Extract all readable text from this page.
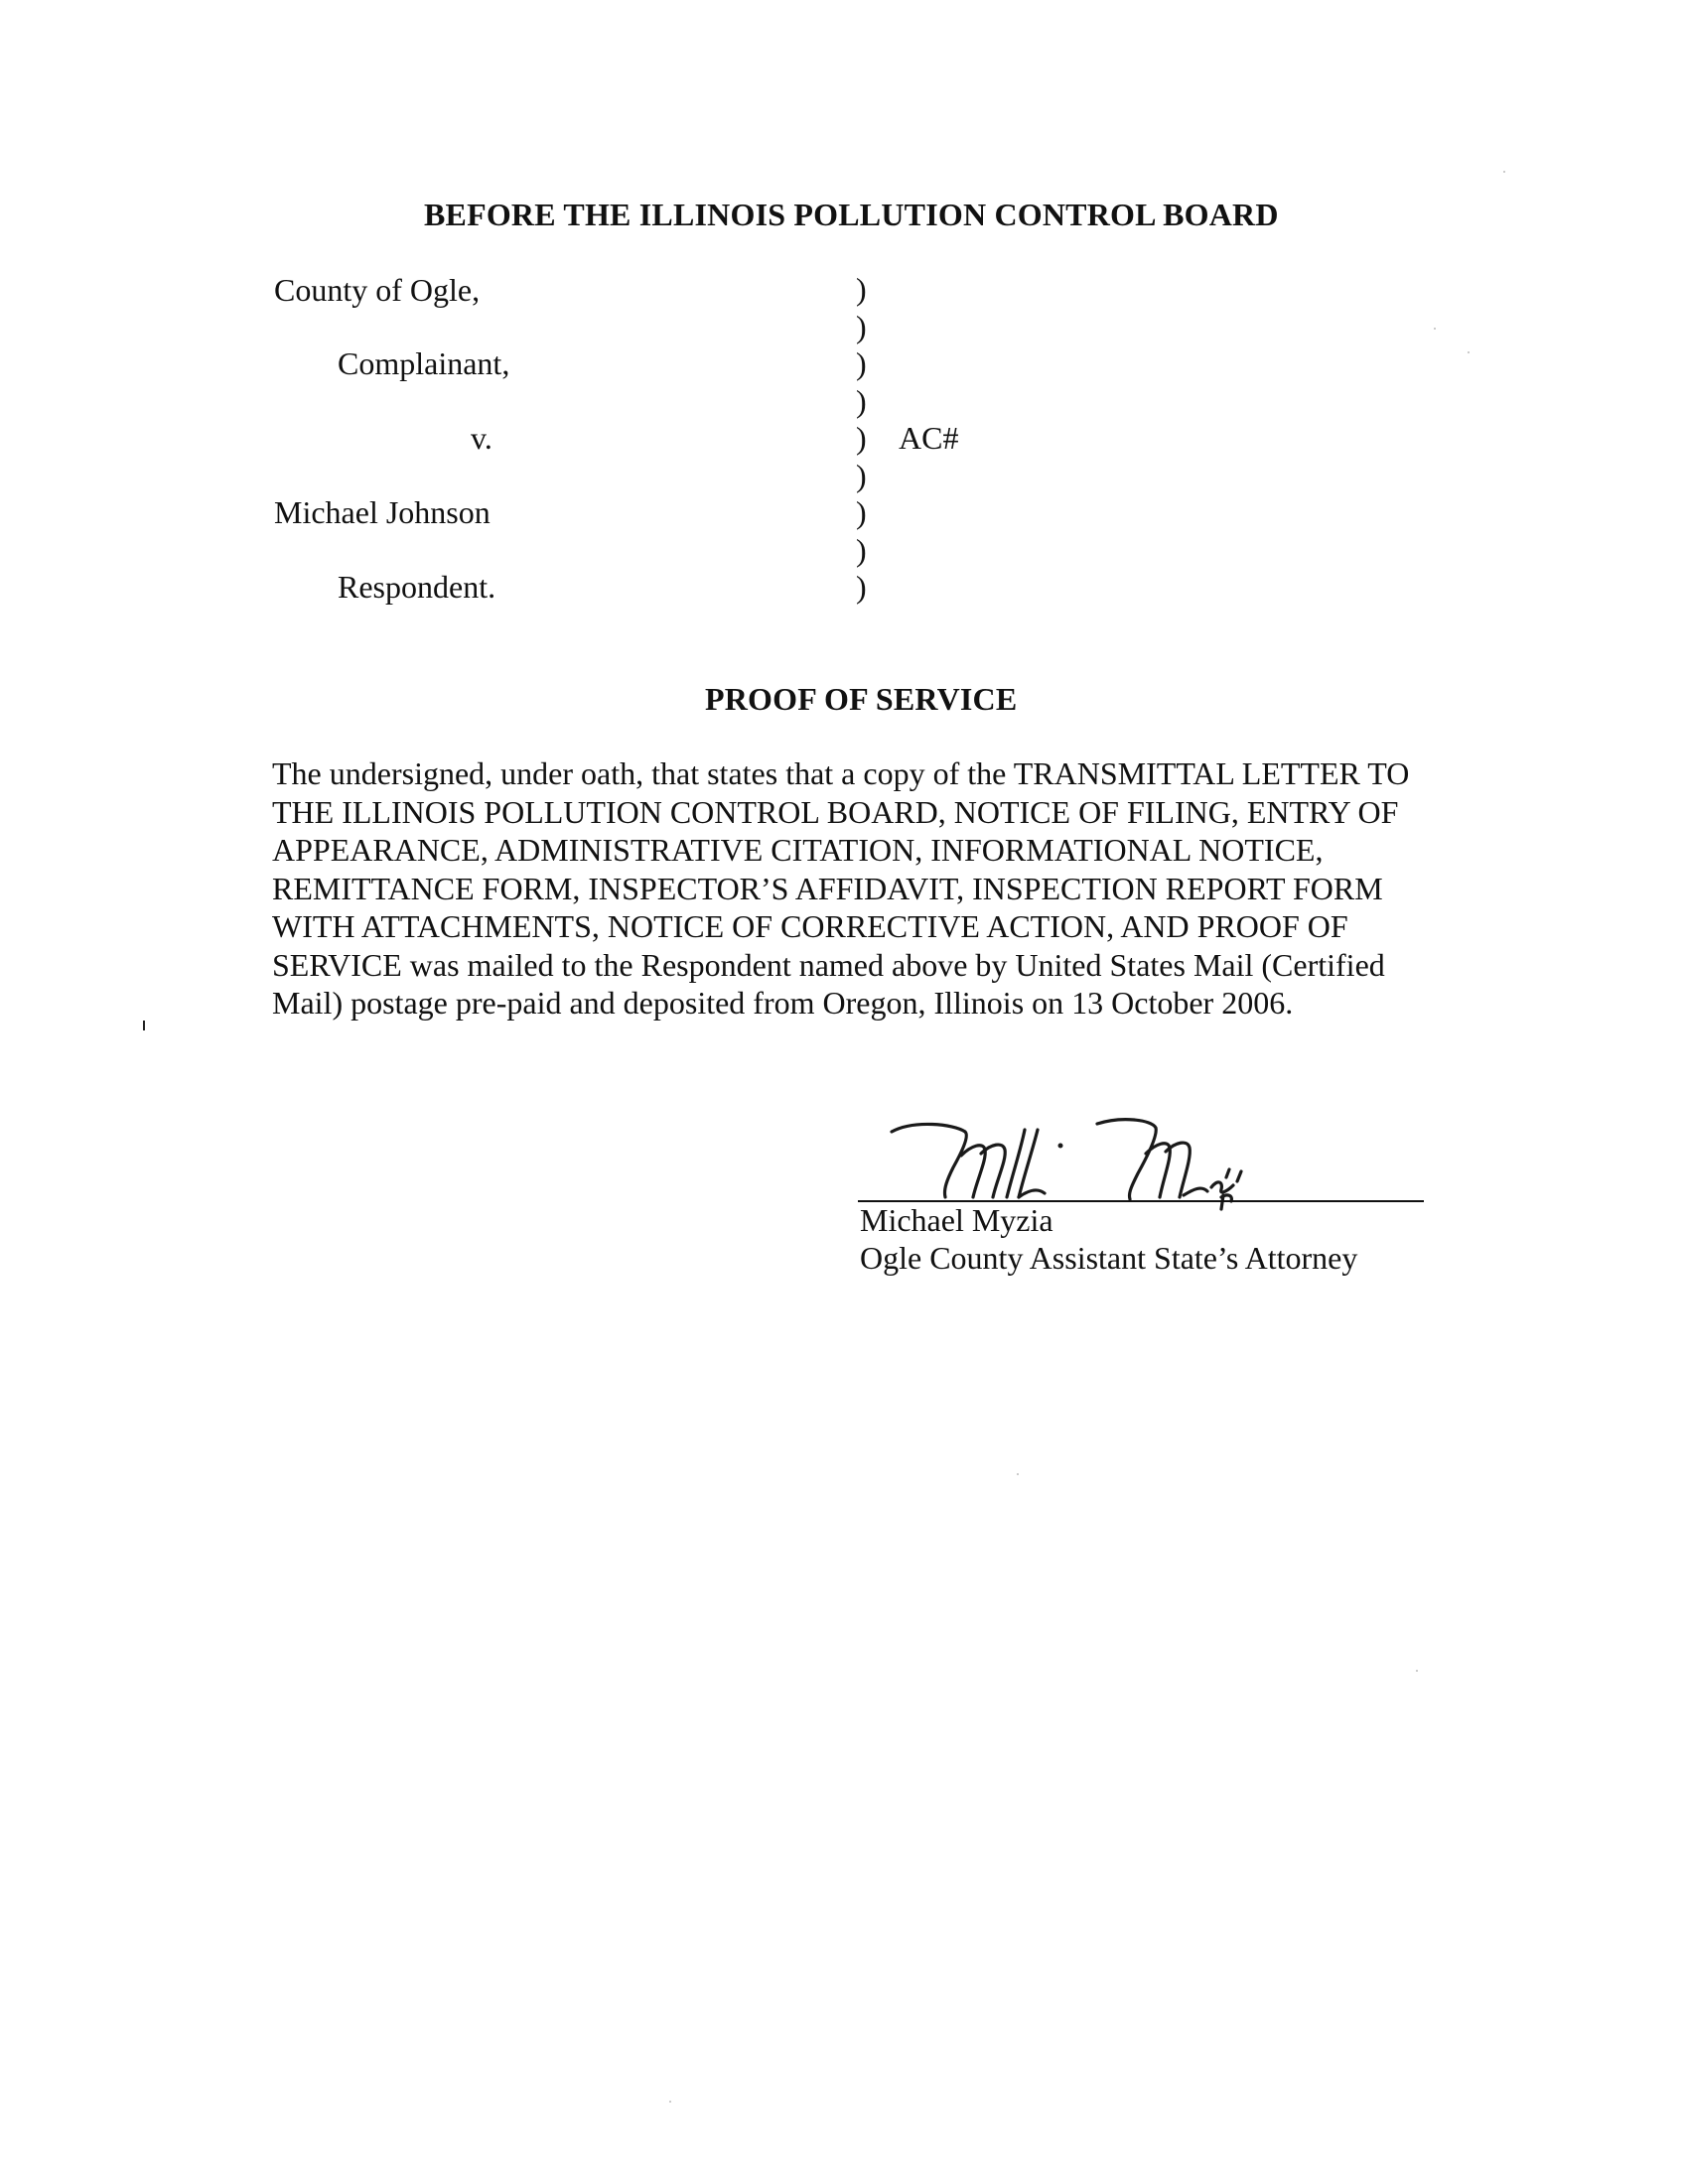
BEFORE THE ILLINOIS POLLUTION CONTROL BOARD
County of Ogle,
Complainant,
v.
Michael Johnson
Respondent.
)
)
)
)
)
)
)
)
)
AC#
PROOF OF SERVICE
The undersigned, under oath, that states that a copy of the TRANSMITTAL LETTER TO
THE ILLINOIS POLLUTION CONTROL BOARD, NOTICE OF FILING, ENTRY OF
APPEARANCE, ADMINISTRATIVE CITATION, INFORMATIONAL NOTICE,
REMITTANCE FORM, INSPECTOR’S AFFIDAVIT, INSPECTION REPORT FORM
WITH ATTACHMENTS, NOTICE OF CORRECTIVE ACTION, AND PROOF OF
SERVICE was mailed to the Respondent named above by United States Mail (Certified
Mail) postage pre-paid and deposited from Oregon, Illinois on 13 October 2006.
Michael Myzia
Ogle County Assistant State’s Attorney
